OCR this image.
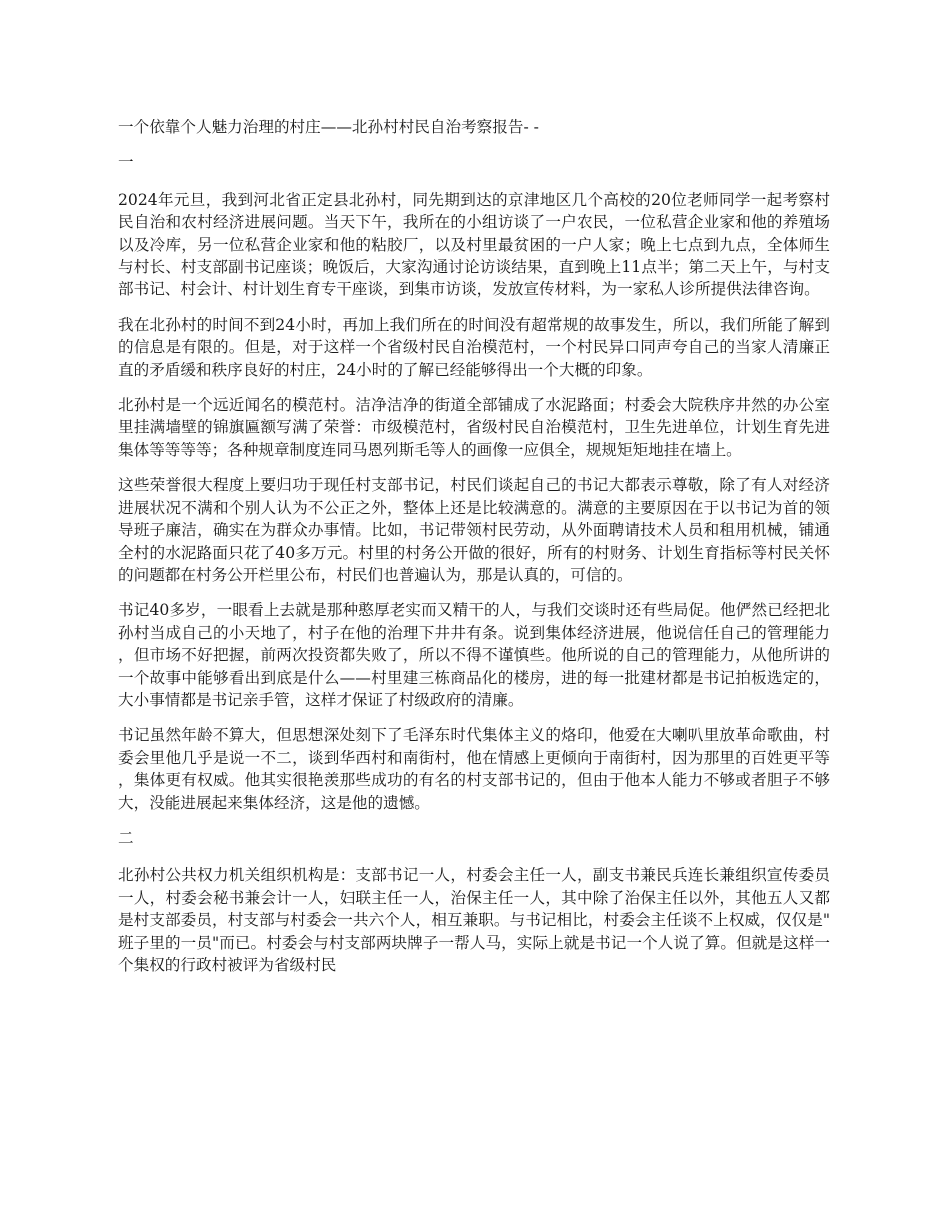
一个依靠个人魅力治理的村庄——北孙村村民自治考察报告- -
一

2024年元旦，我到河北省正定县北孙村，同先期到达的京津地区几个高校的20位老师同学一起考察村民自治和农村经济进展问题。当天下午，我所在的小组访谈了一户农民，一位私营企业家和他的养殖场以及冷库，另一位私营企业家和他的粘胶厂，以及村里最贫困的一户人家；晚上七点到九点，全体师生与村长、村支部副书记座谈；晚饭后，大家沟通讨论访谈结果，直到晚上11点半；第二天上午，与村支部书记、村会计、村计划生育专干座谈，到集市访谈，发放宣传材料，为一家私人诊所提供法律咨询。

我在北孙村的时间不到24小时，再加上我们所在的时间没有超常规的故事发生，所以，我们所能了解到的信息是有限的。但是，对于这样一个省级村民自治模范村，一个村民异口同声夸自己的当家人清廉正直的矛盾缓和秩序良好的村庄，24小时的了解已经能够得出一个大概的印象。

北孙村是一个远近闻名的模范村。洁净洁净的街道全部铺成了水泥路面；村委会大院秩序井然的办公室里挂满墙壁的锦旗匾额写满了荣誉：市级模范村，省级村民自治模范村，卫生先进单位，计划生育先进集体等等等等；各种规章制度连同马恩列斯毛等人的画像一应俱全，规规矩矩地挂在墙上。

这些荣誉很大程度上要归功于现任村支部书记，村民们谈起自己的书记大都表示尊敬，除了有人对经济进展状况不满和个别人认为不公正之外，整体上还是比较满意的。满意的主要原因在于以书记为首的领导班子廉洁，确实在为群众办事情。比如，书记带领村民劳动，从外面聘请技术人员和租用机械，铺通全村的水泥路面只花了40多万元。村里的村务公开做的很好，所有的村财务、计划生育指标等村民关怀的问题都在村务公开栏里公布，村民们也普遍认为，那是认真的，可信的。

书记40多岁，一眼看上去就是那种憨厚老实而又精干的人，与我们交谈时还有些局促。他俨然已经把北孙村当成自己的小天地了，村子在他的治理下井井有条。说到集体经济进展，他说信任自己的管理能力，但市场不好把握，前两次投资都失败了，所以不得不谨慎些。他所说的自己的管理能力，从他所讲的一个故事中能够看出到底是什么——村里建三栋商品化的楼房，进的每一批建材都是书记拍板选定的，大小事情都是书记亲手管，这样才保证了村级政府的清廉。

书记虽然年龄不算大，但思想深处刻下了毛泽东时代集体主义的烙印，他爱在大喇叭里放革命歌曲，村委会里他几乎是说一不二，谈到华西村和南街村，他在情感上更倾向于南街村，因为那里的百姓更平等，集体更有权威。他其实很艳羡那些成功的有名的村支部书记的，但由于他本人能力不够或者胆子不够大，没能进展起来集体经济，这是他的遗憾。

二

北孙村公共权力机关组织机构是：支部书记一人，村委会主任一人，副支书兼民兵连长兼组织宣传委员一人，村委会秘书兼会计一人，妇联主任一人，治保主任一人，其中除了治保主任以外，其他五人又都是村支部委员，村支部与村委会一共六个人，相互兼职。与书记相比，村委会主任谈不上权威，仅仅是"班子里的一员"而已。村委会与村支部两块牌子一帮人马，实际上就是书记一个人说了算。但就是这样一个集权的行政村被评为省级村民
